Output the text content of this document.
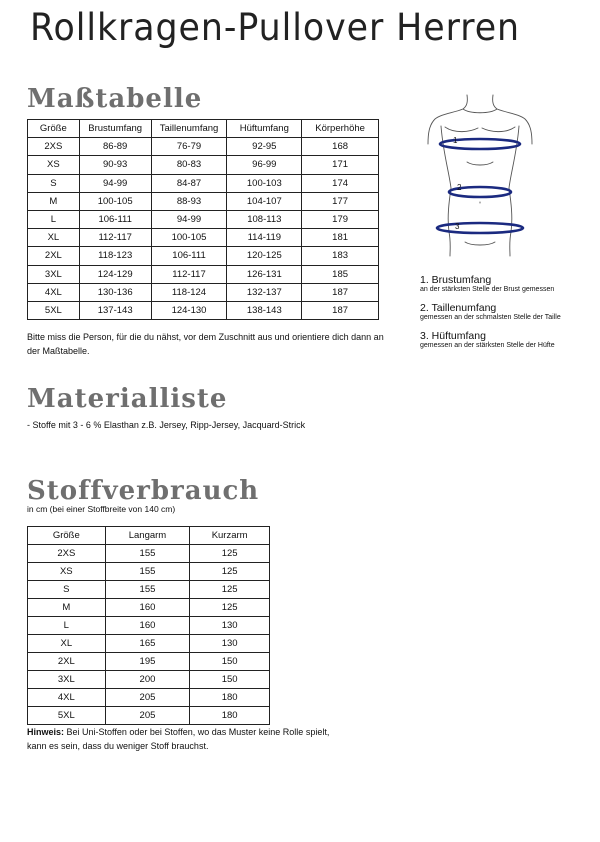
Rollkragen-Pullover Herren
Maßtabelle
Größe	Brustumfang	Taillenumfang	Hüftumfang	Körperhöhe
2XS	86-89	76-79	92-95	168
XS	90-93	80-83	96-99	171
S	94-99	84-87	100-103	174
M	100-105	88-93	104-107	177
L	106-111	94-99	108-113	179
XL	112-117	100-105	114-119	181
2XL	118-123	106-111	120-125	183
3XL	124-129	112-117	126-131	185
4XL	130-136	118-124	132-137	187
5XL	137-143	124-130	138-143	187
Bitte miss die Person, für die du nähst, vor dem Zuschnitt aus und orientiere dich dann an der Maßtabelle.
1
2
3
1. Brustumfang
an der stärksten Stelle der Brust gemessen
2. Taillenumfang
gemessen an der schmalsten Stelle der Taille
3. Hüftumfang
gemessen an der stärksten Stelle der Hüfte
Materialliste
- Stoffe mit 3 - 6 % Elasthan z.B. Jersey, Ripp-Jersey, Jacquard-Strick
Stoffverbrauch
in cm (bei einer Stoffbreite von 140 cm)
Größe	Langarm	Kurzarm
2XS	155	125
XS	155	125
S	155	125
M	160	125
L	160	130
XL	165	130
2XL	195	150
3XL	200	150
4XL	205	180
5XL	205	180
Hinweis: Bei Uni-Stoffen oder bei Stoffen, wo das Muster keine Rolle spielt, kann es sein, dass du weniger Stoff brauchst.
